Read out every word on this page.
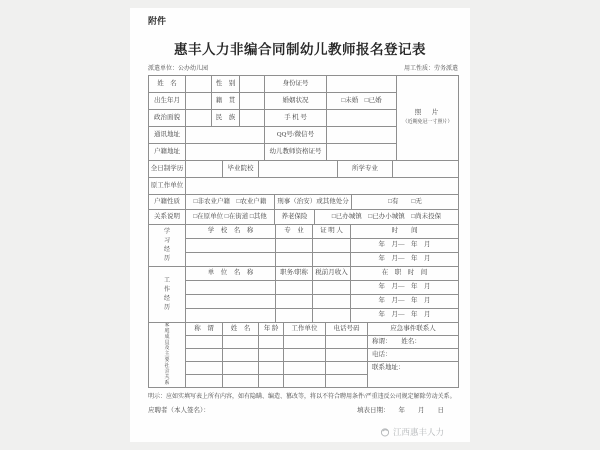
附件
惠丰人力非编合同制幼儿教师报名登记表
派遣单位：公办幼儿园	用工性质：劳务派遣
姓　名		性　别		身份证号		照　片
（近期免冠一寸照片）

出生年月		籍　贯		婚姻状况	□未婚　□已婚	
政治面貌		民　族		手 机 号		
通讯地址				QQ号/微信号		
户籍地址				幼儿教师资格证号		
全日制学历		毕业院校		所学专业	
原工作单位	
户籍性质	□非农业户籍　□农业户籍	刑事（治安）或其他处分	□有　　□无
关系说明	□在原单位 □在街道 □其他	养老保险	□已办城镇　□已办小城镇　□尚未投保
学习经历	学　校　名　称	专　业	证 明 人	时　　间
				年　月—　年　月
				年　月—　年　月
工作经历	单　位　名　称	职务/职称	税前月收入	在　职　时　间
				年　月—　年　月
				年　月—　年　月
				年　月—　年　月
家庭成员及主要社会关系	称　谓	姓　名	年 龄	工作单位	电话号码	应急事件联系人
						称谓：　　姓名：
						电话：
						联系地址：

明示：应如实填写表上所有内容，如有隐瞒、编造、篡改等，将以不符合聘用条件/严重违反公司规定解除劳动关系。
应聘者（本人签名）：	填表日期： 年　　月　　日
江西惠丰人力
